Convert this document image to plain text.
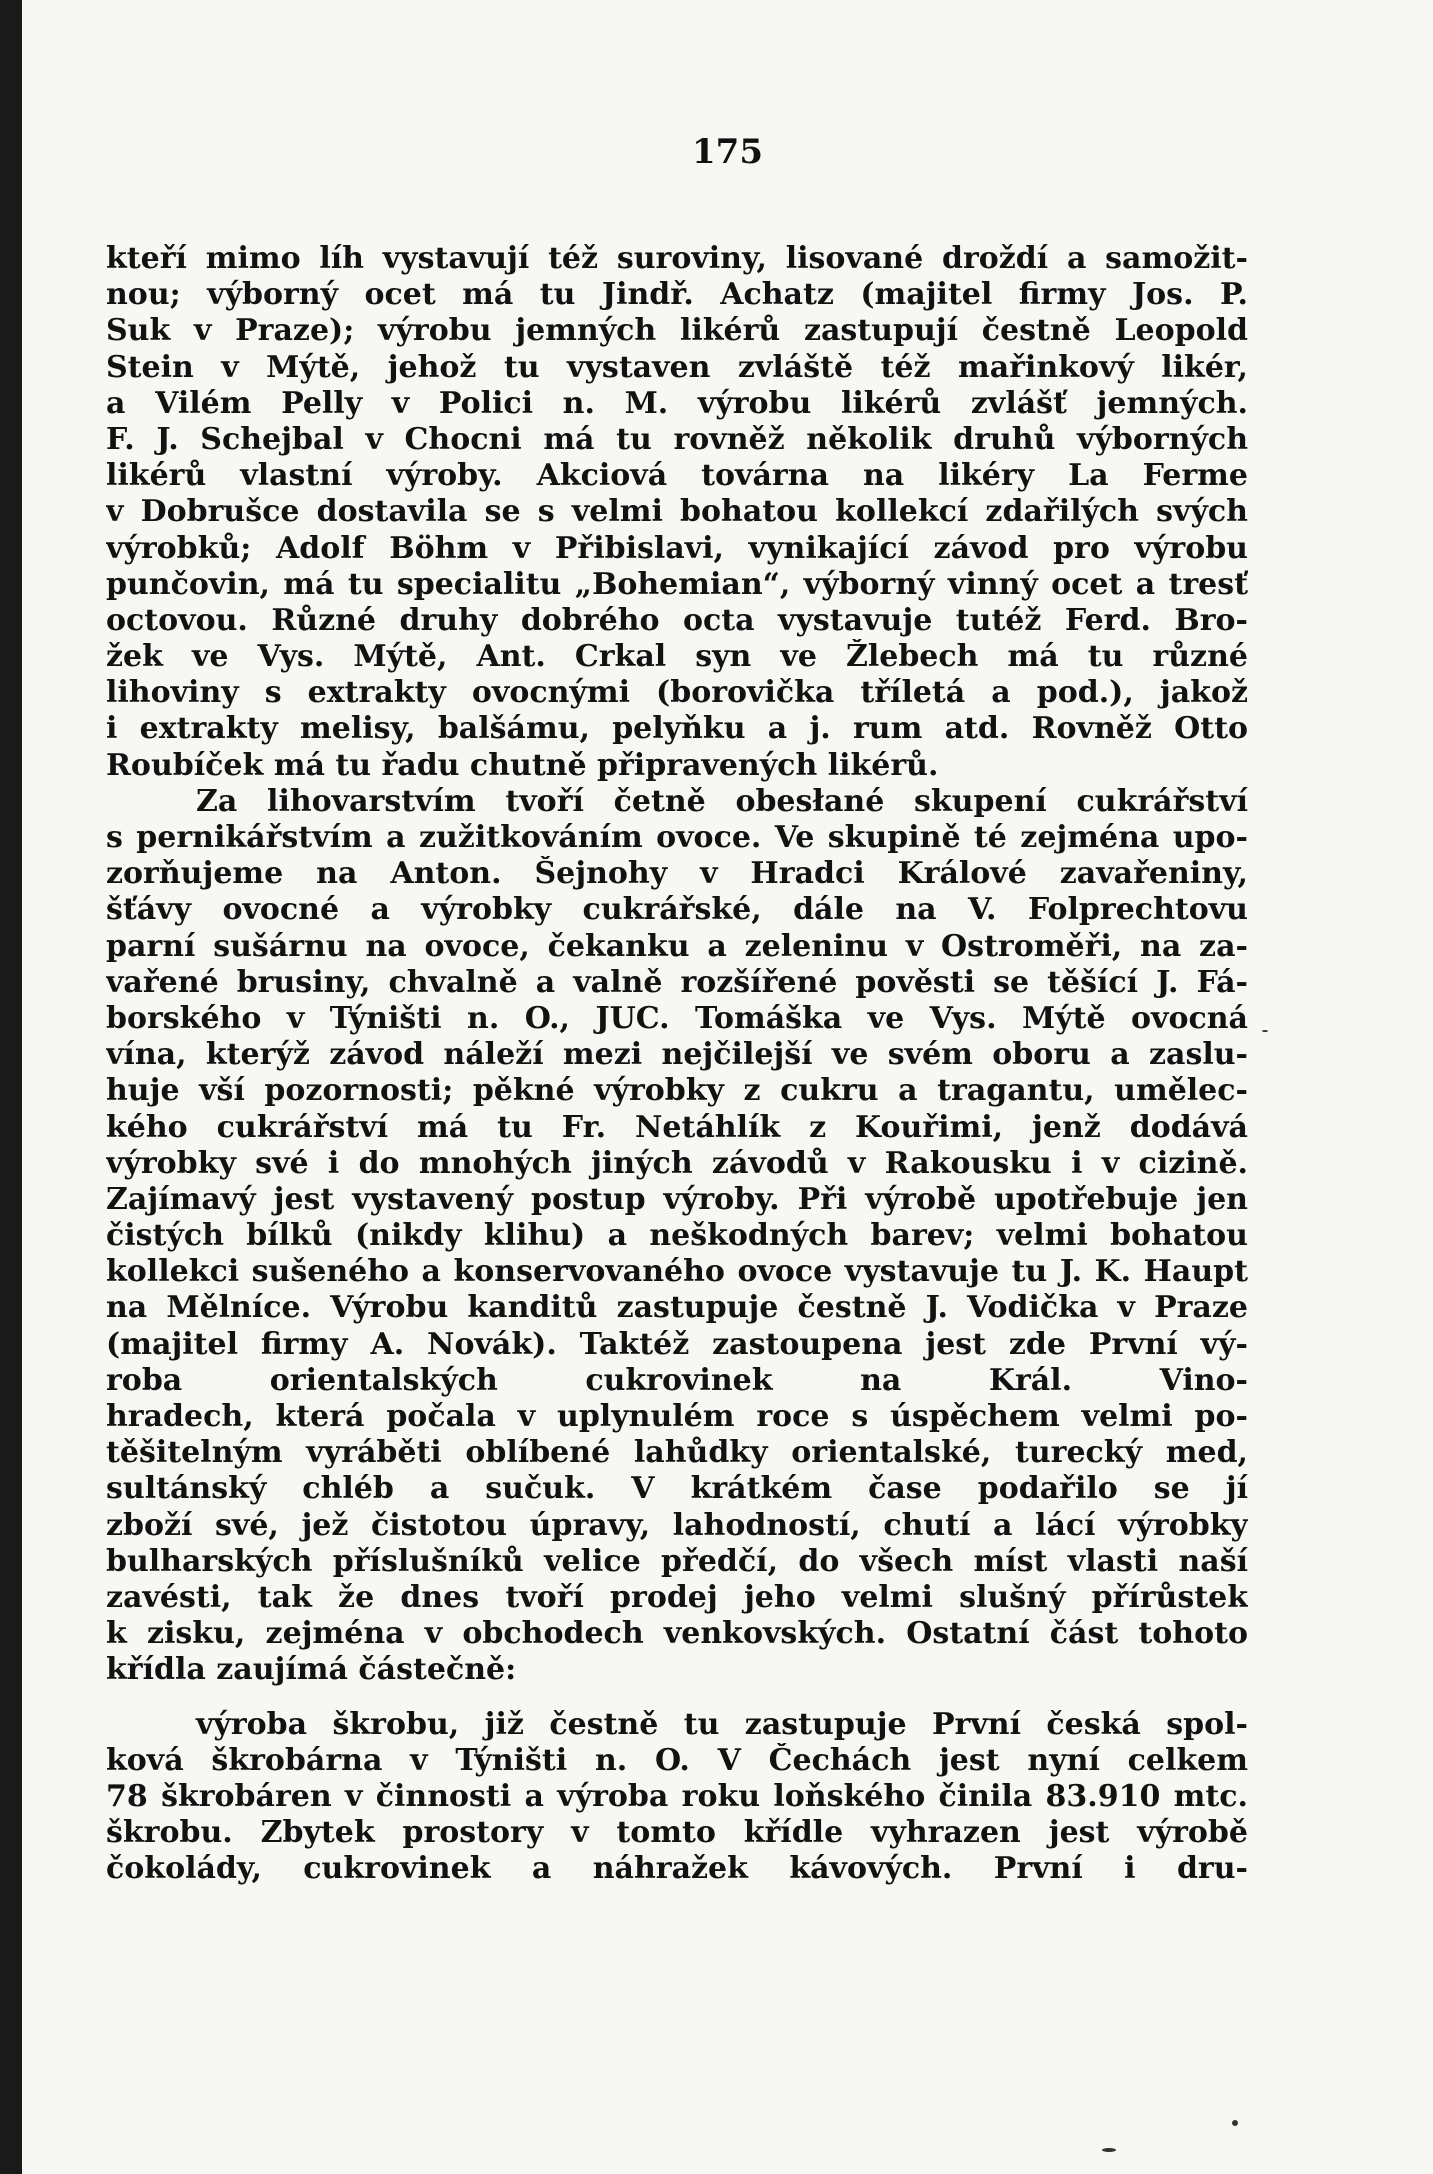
175
kteří mimo líh vystavují též suroviny, lisované droždí a samožit-
nou; výborný ocet má tu Jindř. Achatz (majitel firmy Jos. P.
Suk v Praze); výrobu jemných likérů zastupují čestně Leopold
Stein v Mýtě, jehož tu vystaven zvláště též mařinkový likér,
a Vilém Pelly v Polici n. M. výrobu likérů zvlášť jemných.
F. J. Schejbal v Chocni má tu rovněž několik druhů výborných
likérů vlastní výroby. Akciová továrna na likéry La Ferme
v Dobrušce dostavila se s velmi bohatou kollekcí zdařilých svých
výrobků; Adolf Böhm v Přibislavi, vynikající závod pro výrobu
punčovin, má tu specialitu „Bohemian“, výborný vinný ocet a tresť
octovou. Různé druhy dobrého octa vystavuje tutéž Ferd. Bro-
žek ve Vys. Mýtě, Ant. Crkal syn ve Žlebech má tu různé
lihoviny s extrakty ovocnými (borovička tříletá a pod.), jakož
i extrakty melisy, balšámu, pelyňku a j. rum atd. Rovněž Otto
Roubíček má tu řadu chutně připravených likérů.
Za lihovarstvím tvoří četně obesłané skupení cukrářství
s pernikářstvím a zužitkováním ovoce. Ve skupině té zejména upo-
zorňujeme na Anton. Šejnohy v Hradci Králové zavařeniny,
šťávy ovocné a výrobky cukrářské, dále na V. Folprechtovu
parní sušárnu na ovoce, čekanku a zeleninu v Ostroměři, na za-
vařené brusiny, chvalně a valně rozšířené pověsti se těšící J. Fá-
borského v Týništi n. O., JUC. Tomáška ve Vys. Mýtě ovocná
vína, kterýž závod náleží mezi nejčilejší ve svém oboru a zaslu-
huje vší pozornosti; pěkné výrobky z cukru a tragantu, umělec-
kého cukrářství má tu Fr. Netáhlík z Kouřimi, jenž dodává
výrobky své i do mnohých jiných závodů v Rakousku i v cizině.
Zajímavý jest vystavený postup výroby. Při výrobě upotřebuje jen
čistých bílků (nikdy klihu) a neškodných barev; velmi bohatou
kollekci sušeného a konservovaného ovoce vystavuje tu J. K. Haupt
na Mělníce. Výrobu kanditů zastupuje čestně J. Vodička v Praze
(majitel firmy A. Novák). Taktéž zastoupena jest zde První vý-
roba orientalských cukrovinek na Král. Vino-
hradech, která počala v uplynulém roce s úspěchem velmi po-
těšitelným vyráběti oblíbené lahůdky orientalské, turecký med,
sultánský chléb a sučuk. V krátkém čase podařilo se jí
zboží své, jež čistotou úpravy, lahodností, chutí a lácí výrobky
bulharských příslušníků velice předčí, do všech míst vlasti naší
zavésti, tak že dnes tvoří prodej jeho velmi slušný přírůstek
k zisku, zejména v obchodech venkovských. Ostatní část tohoto
křídla zaujímá částečně:
výroba škrobu, již čestně tu zastupuje První česká spol-
ková škrobárna v Týništi n. O. V Čechách jest nyní celkem
78 škrobáren v činnosti a výroba roku loňského činila 83.910 mtc.
škrobu. Zbytek prostory v tomto křídle vyhrazen jest výrobě
čokolády, cukrovinek a náhražek kávových. První i dru-
